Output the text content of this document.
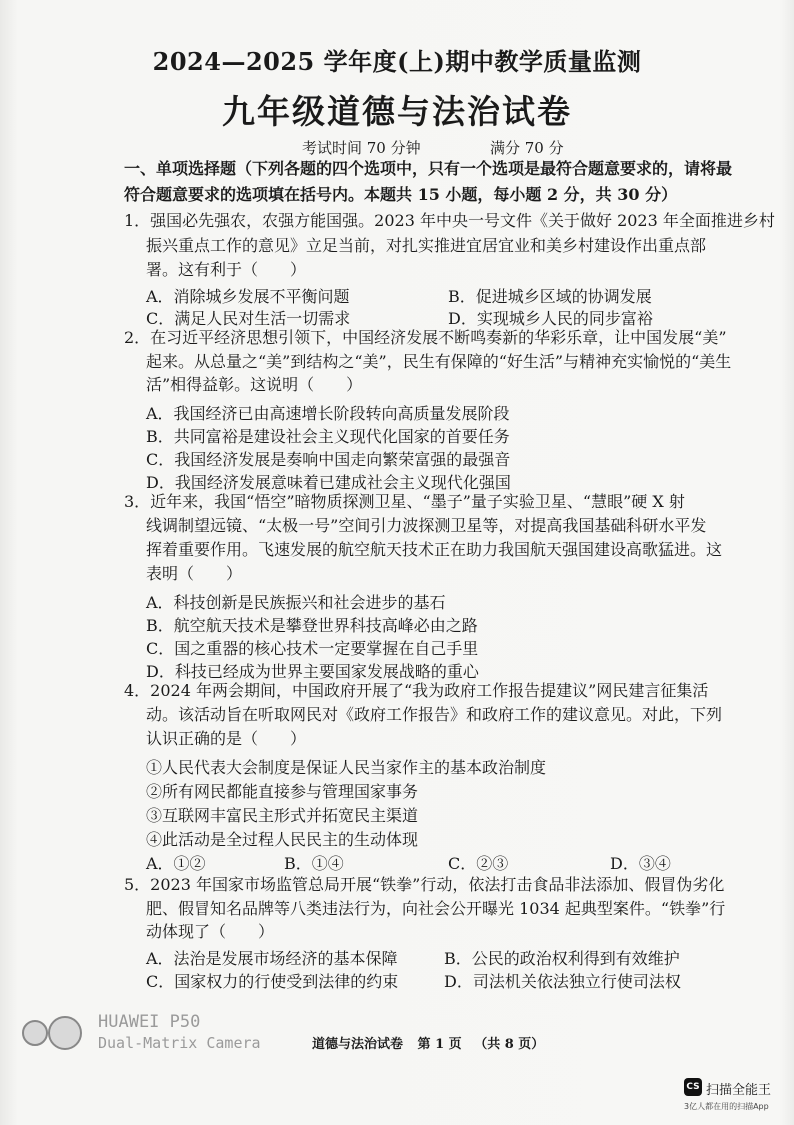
2024—2025 学年度(上)期中教学质量监测
九年级道德与法治试卷
考试时间 70 分钟	满分 70 分
一、单项选择题（下列各题的四个选项中，只有一个选项是最符合题意要求的，请将最
符合题意要求的选项填在括号内。本题共 15 小题，每小题 2 分，共 30 分）
1．强国必先强农，农强方能国强。2023 年中央一号文件《关于做好 2023 年全面推进乡村
振兴重点工作的意见》立足当前，对扎实推进宜居宜业和美乡村建设作出重点部
署。这有利于（　　）
A．消除城乡发展不平衡问题	B．促进城乡区域的协调发展
C．满足人民对生活一切需求	D．实现城乡人民的同步富裕
2．在习近平经济思想引领下，中国经济发展不断鸣奏新的华彩乐章，让中国发展“美”
起来。从总量之“美”到结构之“美”，民生有保障的“好生活”与精神充实愉悦的“美生
活”相得益彰。这说明（　　）
A．我国经济已由高速增长阶段转向高质量发展阶段
B．共同富裕是建设社会主义现代化国家的首要任务
C．我国经济发展是奏响中国走向繁荣富强的最强音
D．我国经济发展意味着已建成社会主义现代化强国
3．近年来，我国“悟空”暗物质探测卫星、“墨子”量子实验卫星、“慧眼”硬 X 射
线调制望远镜、“太极一号”空间引力波探测卫星等，对提高我国基础科研水平发
挥着重要作用。飞速发展的航空航天技术正在助力我国航天强国建设高歌猛进。这
表明（　　）
A．科技创新是民族振兴和社会进步的基石
B．航空航天技术是攀登世界科技高峰必由之路
C．国之重器的核心技术一定要掌握在自己手里
D．科技已经成为世界主要国家发展战略的重心
4．2024 年两会期间，中国政府开展了“我为政府工作报告提建议”网民建言征集活
动。该活动旨在听取网民对《政府工作报告》和政府工作的建议意见。对此，下列
认识正确的是（　　）
①人民代表大会制度是保证人民当家作主的基本政治制度
②所有网民都能直接参与管理国家事务
③互联网丰富民主形式并拓宽民主渠道
④此活动是全过程人民民主的生动体现
A．①②	B．①④	C．②③	D．③④
5．2023 年国家市场监管总局开展“铁拳”行动，依法打击食品非法添加、假冒伪劣化
肥、假冒知名品牌等八类违法行为，向社会公开曝光 1034 起典型案件。“铁拳”行
动体现了（　　）
A．法治是发展市场经济的基本保障	B．公民的政治权利得到有效维护
C．国家权力的行使受到法律的约束	D．司法机关依法独立行使司法权
HUAWEI P50
Dual-Matrix Camera	道德与法治试卷 第 1 页 （共 8 页）
CS 扫描全能王
3亿人都在用的扫描App
